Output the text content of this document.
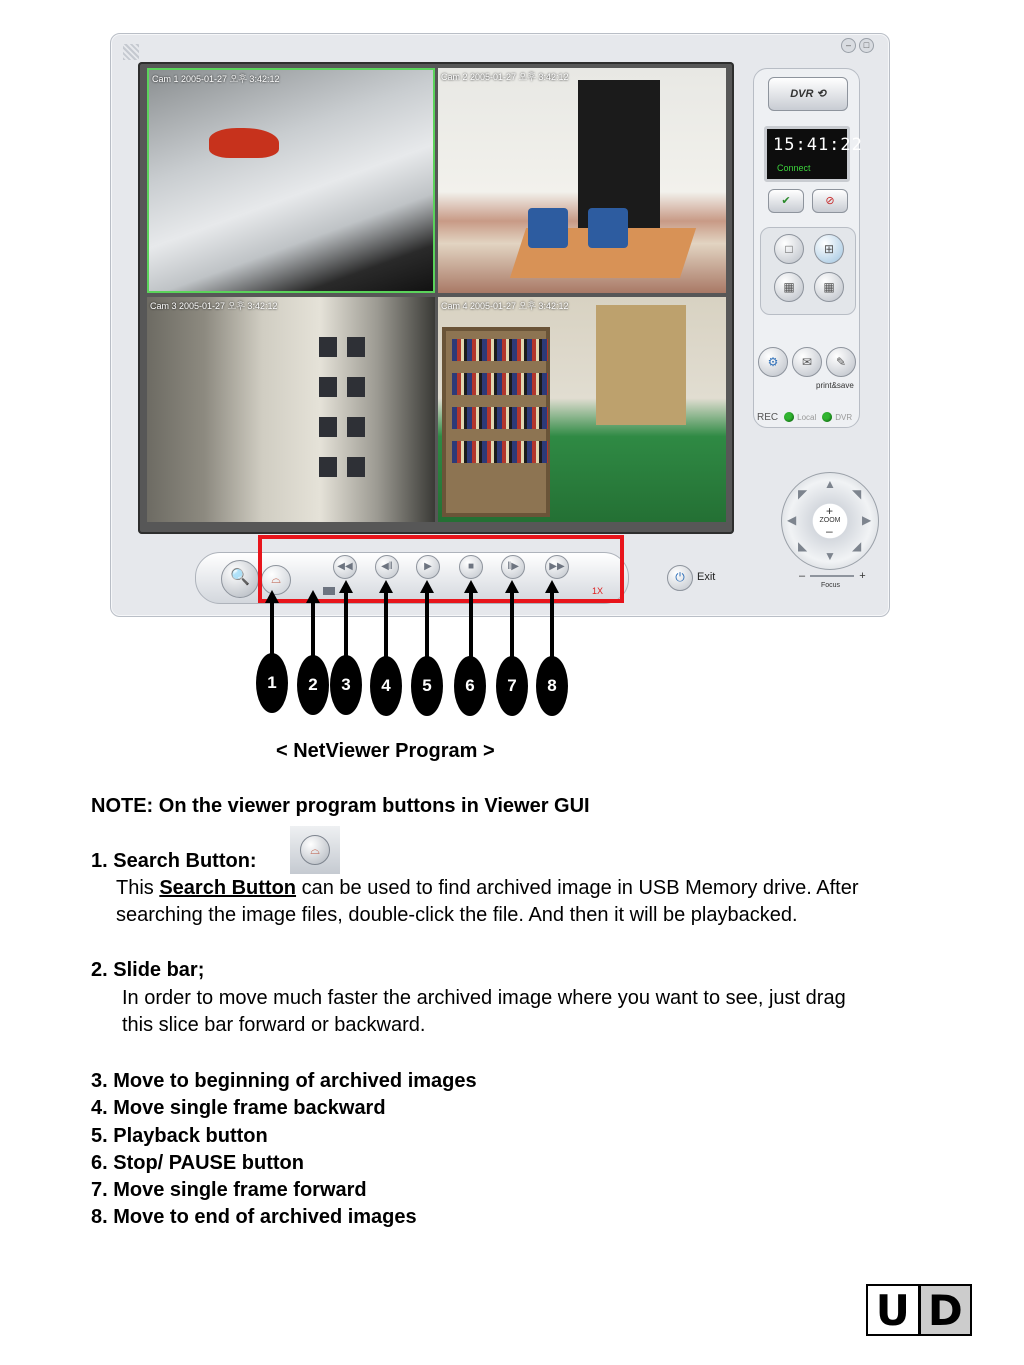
–	□
Cam 1 2005-01-27 오후 3:42:12	Cam 2 2005-01-27 오후 3:42:12
Cam 3 2005-01-27 오후 3:42:12	Cam 4 2005-01-27 오후 3:42:12
DVR ⟲
15:41:22
Connect
✔	⊘
□	⊞
▦	▦
⚙	✉	✎
print&save
REC Local DVR
▲
▼
◀	▶
◤	◥
◣	◢
+
ZOOM
–
–	+
Focus
🔍	⌓
◀◀	◀‖	▶	■	‖▶	▶▶
1X
⏻	Exit
1	2	3	4	5	6	7	8
< NetViewer Program >
NOTE: On the viewer program buttons in Viewer GUI
1. Search Button:	⌓
This Search Button can be used to find archived image in USB Memory drive. After
searching the image files, double-click the file. And then it will be playbacked.
2. Slide bar;
In order to move much faster the archived image where you want to see, just drag
this slice bar forward or backward.
3. Move to beginning of archived images
4. Move single frame backward
5. Playback button
6. Stop/ PAUSE button
7. Move single frame forward
8. Move to end of archived images
U D
